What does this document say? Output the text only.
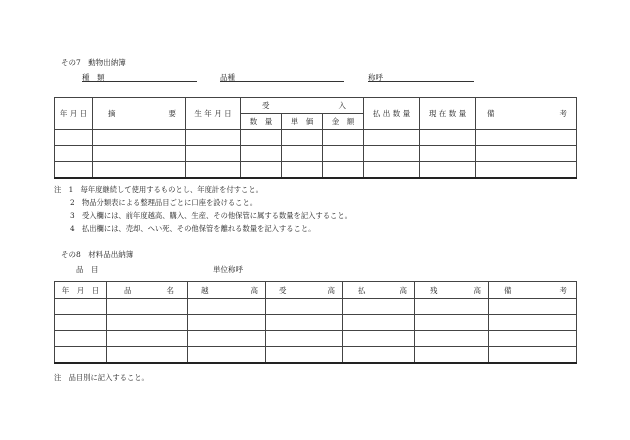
その7　動物出納簿
種　類	品種	称呼
年 月 日	摘 要	生 年 月 日	受 入			払 出 数 量	現 在 数 量	備 考

			数　量	単　価	金　額			

注　1　毎年度継続して使用するものとし、年度計を付すこと。
2　物品分類表による整理品目ごとに口座を設けること。
3　受入欄には、前年度越高、購入、生産、その他保管に属する数量を記入すること。
4　払出欄には、売却、へい死、その他保管を離れる数量を記入すること。
その8　材料品出納簿
品　目	単位称呼
年　月　日	品 名	越 高	受 高	払 高	残 高	備 考

注　品目別に記入すること。
